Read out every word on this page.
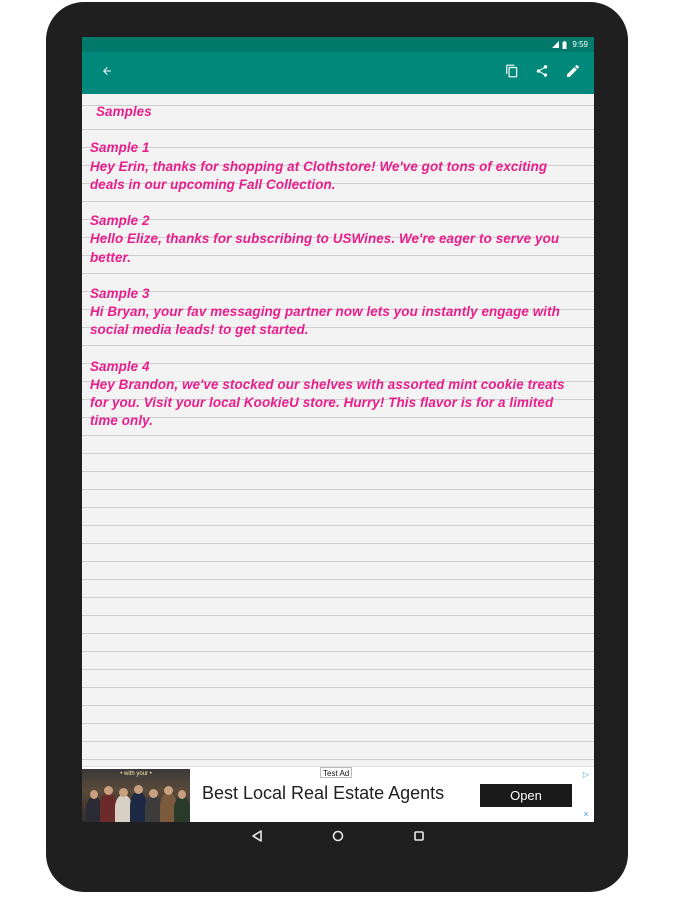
9:59
Samples
Sample 1
Hey Erin, thanks for shopping at Clothstore! We've got tons of exciting
deals in our upcoming Fall Collection.
Sample 2
Hello Elize, thanks for subscribing to USWines. We're eager to serve you
better.
Sample 3
Hi Bryan, your fav messaging partner now lets you instantly engage with
social media leads! to get started.
Sample 4
Hey Brandon, we've stocked our shelves with assorted mint cookie treats
for you. Visit your local KookieU store. Hurry! This flavor is for a limited
time only.
• with your •	Test Ad
Best Local Real Estate Agents	Open
▷
×
